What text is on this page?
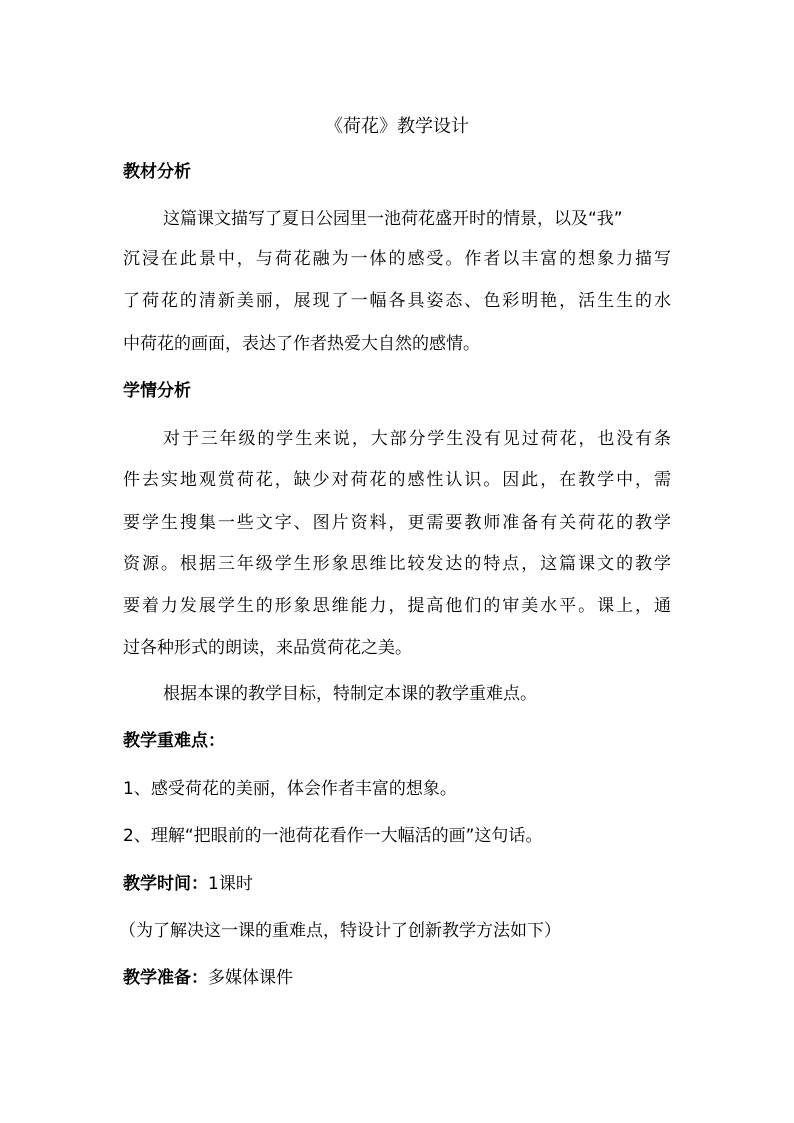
《荷花》教学设计
教材分析
这篇课文描写了夏日公园里一池荷花盛开时的情景，以及“我”
沉浸在此景中，与荷花融为一体的感受。作者以丰富的想象力描写
了荷花的清新美丽，展现了一幅各具姿态、色彩明艳，活生生的水
中荷花的画面，表达了作者热爱大自然的感情。
学情分析
对于三年级的学生来说，大部分学生没有见过荷花，也没有条
件去实地观赏荷花，缺少对荷花的感性认识。因此，在教学中，需
要学生搜集一些文字、图片资料，更需要教师准备有关荷花的教学
资源。根据三年级学生形象思维比较发达的特点，这篇课文的教学
要着力发展学生的形象思维能力，提高他们的审美水平。课上，通
过各种形式的朗读，来品赏荷花之美。
根据本课的教学目标，特制定本课的教学重难点。
教学重难点：
1、感受荷花的美丽，体会作者丰富的想象。
2、理解“把眼前的一池荷花看作一大幅活的画”这句话。
教学时间：1课时
（为了解决这一课的重难点，特设计了创新教学方法如下）
教学准备：多媒体课件
